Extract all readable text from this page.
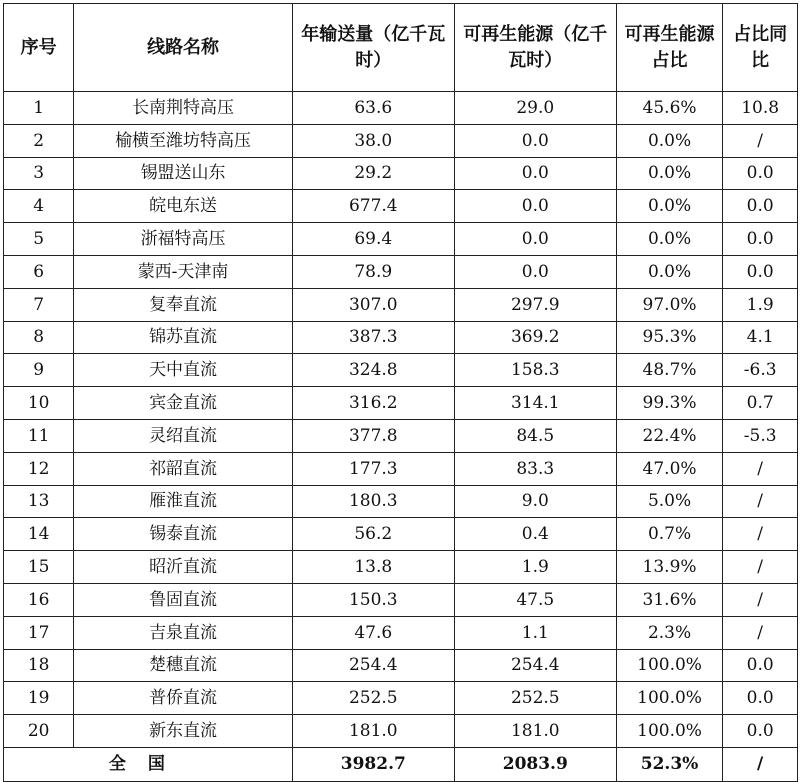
序号	线路名称	年输送量（亿千瓦时）	可再生能源（亿千瓦时）	可再生能源占比	占比同比
1	长南荆特高压	63.6	29.0	45.6%	10.8
2	榆横至潍坊特高压	38.0	0.0	0.0%	/
3	锡盟送山东	29.2	0.0	0.0%	0.0
4	皖电东送	677.4	0.0	0.0%	0.0
5	浙福特高压	69.4	0.0	0.0%	0.0
6	蒙西-天津南	78.9	0.0	0.0%	0.0
7	复奉直流	307.0	297.9	97.0%	1.9
8	锦苏直流	387.3	369.2	95.3%	4.1
9	天中直流	324.8	158.3	48.7%	-6.3
10	宾金直流	316.2	314.1	99.3%	0.7
11	灵绍直流	377.8	84.5	22.4%	-5.3
12	祁韶直流	177.3	83.3	47.0%	/
13	雁淮直流	180.3	9.0	5.0%	/
14	锡泰直流	56.2	0.4	0.7%	/
15	昭沂直流	13.8	1.9	13.9%	/
16	鲁固直流	150.3	47.5	31.6%	/
17	吉泉直流	47.6	1.1	2.3%	/
18	楚穗直流	254.4	254.4	100.0%	0.0
19	普侨直流	252.5	252.5	100.0%	0.0
20	新东直流	181.0	181.0	100.0%	0.0
全国		3982.7	2083.9	52.3%	/
